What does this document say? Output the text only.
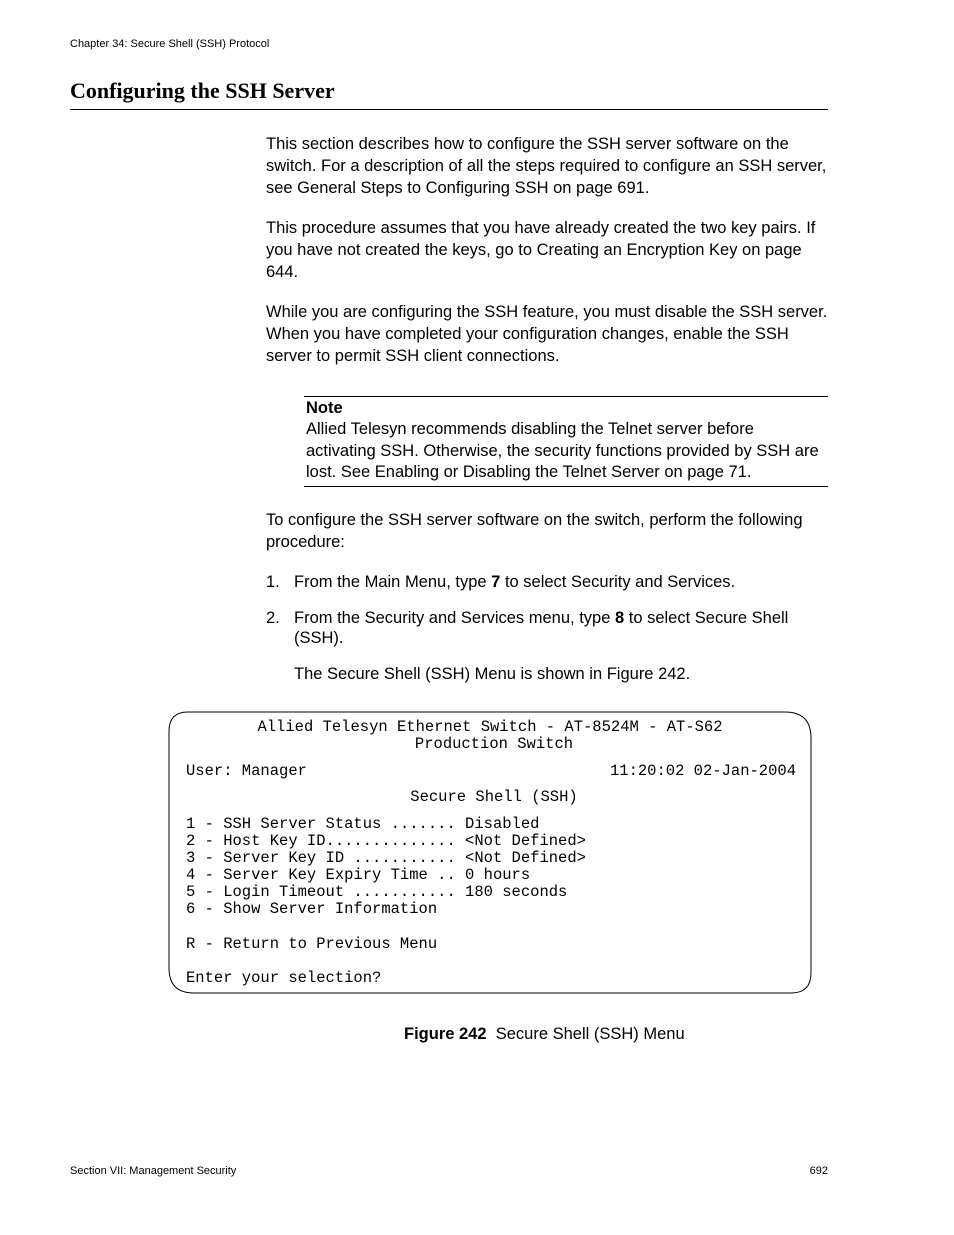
Chapter 34: Secure Shell (SSH) Protocol
Configuring the SSH Server

This section describes how to configure the SSH server software on the switch. For a description of all the steps required to configure an SSH server, see General Steps to Configuring SSH on page 691.

This procedure assumes that you have already created the two key pairs. If you have not created the keys, go to Creating an Encryption Key on page 644.

While you are configuring the SSH feature, you must disable the SSH server. When you have completed your configuration changes, enable the SSH server to permit SSH client connections.

Note

Allied Telesyn recommends disabling the Telnet server before activating SSH. Otherwise, the security functions provided by SSH are lost. See Enabling or Disabling the Telnet Server on page 71.

To configure the SSH server software on the switch, perform the following procedure:

1. From the Main Menu, type 7 to select Security and Services.

2. From the Security and Services menu, type 8 to select Secure Shell (SSH).

The Secure Shell (SSH) Menu is shown in Figure 242.

Allied Telesyn Ethernet Switch - AT-8524M - AT-S62
Production Switch
User: Manager	11:20:02 02-Jan-2004
Secure Shell (SSH)
1 - SSH Server Status ....... Disabled
2 - Host Key ID.............. <Not Defined>
3 - Server Key ID ........... <Not Defined>
4 - Server Key Expiry Time .. 0 hours
5 - Login Timeout ........... 180 seconds
6 - Show Server Information
R - Return to Previous Menu
Enter your selection?
Figure 242 Secure Shell (SSH) Menu
Section VII: Management Security	692
